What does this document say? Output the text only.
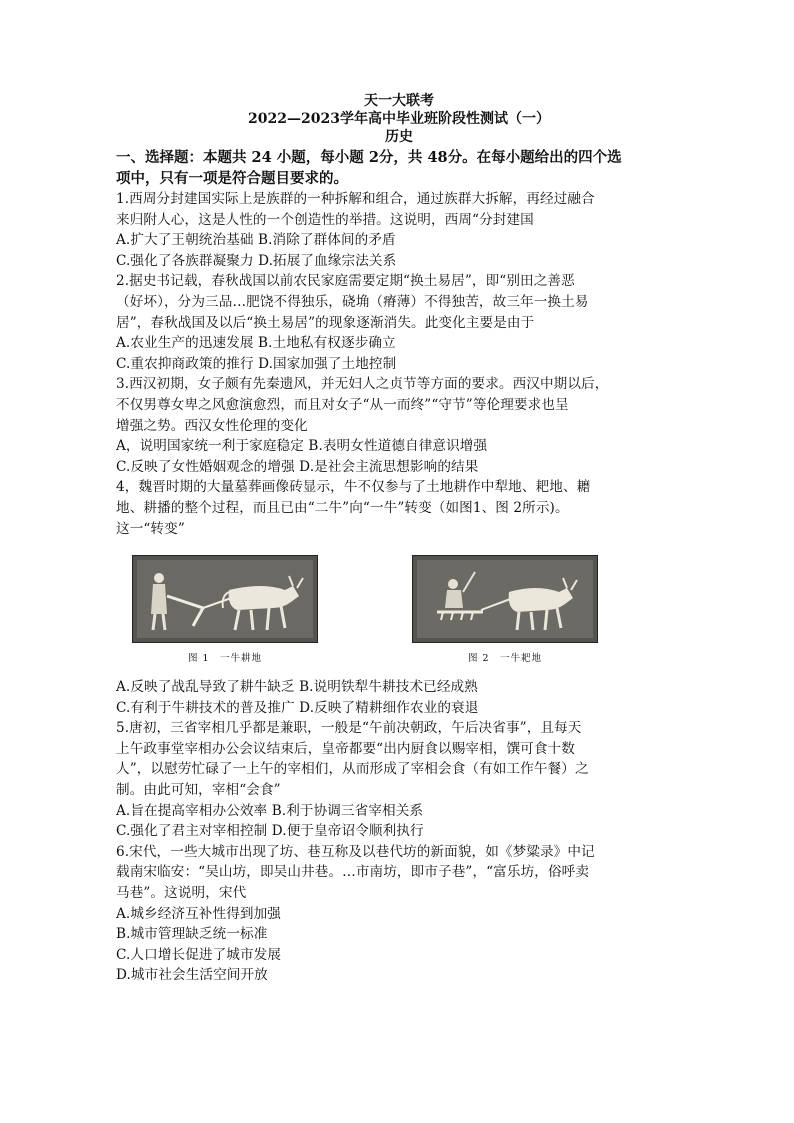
天一大联考
2022—2023学年高中毕业班阶段性测试（一）
历史
一、选择题：本题共 24 小题，每小题 2分，共 48分。在每小题给出的四个选
项中，只有一项是符合题目要求的。
1.西周分封建国实际上是族群的一种拆解和组合，通过族群大拆解，再经过融合
来归附人心，这是人性的一个创造性的举措。这说明，西周“分封建国
A.扩大了王朝统治基础 B.消除了群体间的矛盾
C.强化了各族群凝聚力 D.拓展了血缘宗法关系
2.据史书记载，春秋战国以前农民家庭需要定期“换土易居”，即“别田之善恶
（好坏），分为三品…肥饶不得独乐，硗埆（瘠薄）不得独苦，故三年一换土易
居”，春秋战国及以后“换土易居”的现象逐渐消失。此变化主要是由于
A.农业生产的迅速发展 B.土地私有权逐步确立
C.重农抑商政策的推行 D.国家加强了土地控制
3.西汉初期，女子颇有先秦遗风，并无妇人之贞节等方面的要求。西汉中期以后，
不仅男尊女卑之风愈演愈烈，而且对女子“从一而终”“守节”等伦理要求也呈
增强之势。西汉女性伦理的变化
A，说明国家统一利于家庭稳定 B.表明女性道德自律意识增强
C.反映了女性婚姻观念的增强 D.是社会主流思想影响的结果
4，魏晋时期的大量墓葬画像砖显示，牛不仅参与了土地耕作中犁地、耙地、耱
地、耕播的整个过程，而且已由“二牛”向“一牛”转变（如图1、图 2所示)。
这一“转变”
图 1　一牛耕地	图 2　一牛耙地
A.反映了战乱导致了耕牛缺乏 B.说明铁犁牛耕技术已经成熟
C.有利于牛耕技术的普及推广 D.反映了精耕细作农业的衰退
5.唐初，三省宰相几乎都是兼职，一般是“午前决朝政，午后决省事”，且每天
上午政事堂宰相办公会议结束后，皇帝都要“出内厨食以赐宰相，馔可食十数
人”，以慰劳忙碌了一上午的宰相们，从而形成了宰相会食（有如工作午餐）之
制。由此可知，宰相“会食”
A.旨在提高宰相办公效率 B.利于协调三省宰相关系
C.强化了君主对宰相控制 D.便于皇帝诏令顺利执行
6.宋代，一些大城市出现了坊、巷互称及以巷代坊的新面貌，如《梦粱录》中记
载南宋临安：“吴山坊，即吴山井巷。…市南坊，即市子巷”，“富乐坊，俗呼卖
马巷”。这说明，宋代
A.城乡经济互补性得到加强
B.城市管理缺乏统一标准
C.人口增长促进了城市发展
D.城市社会生活空间开放
